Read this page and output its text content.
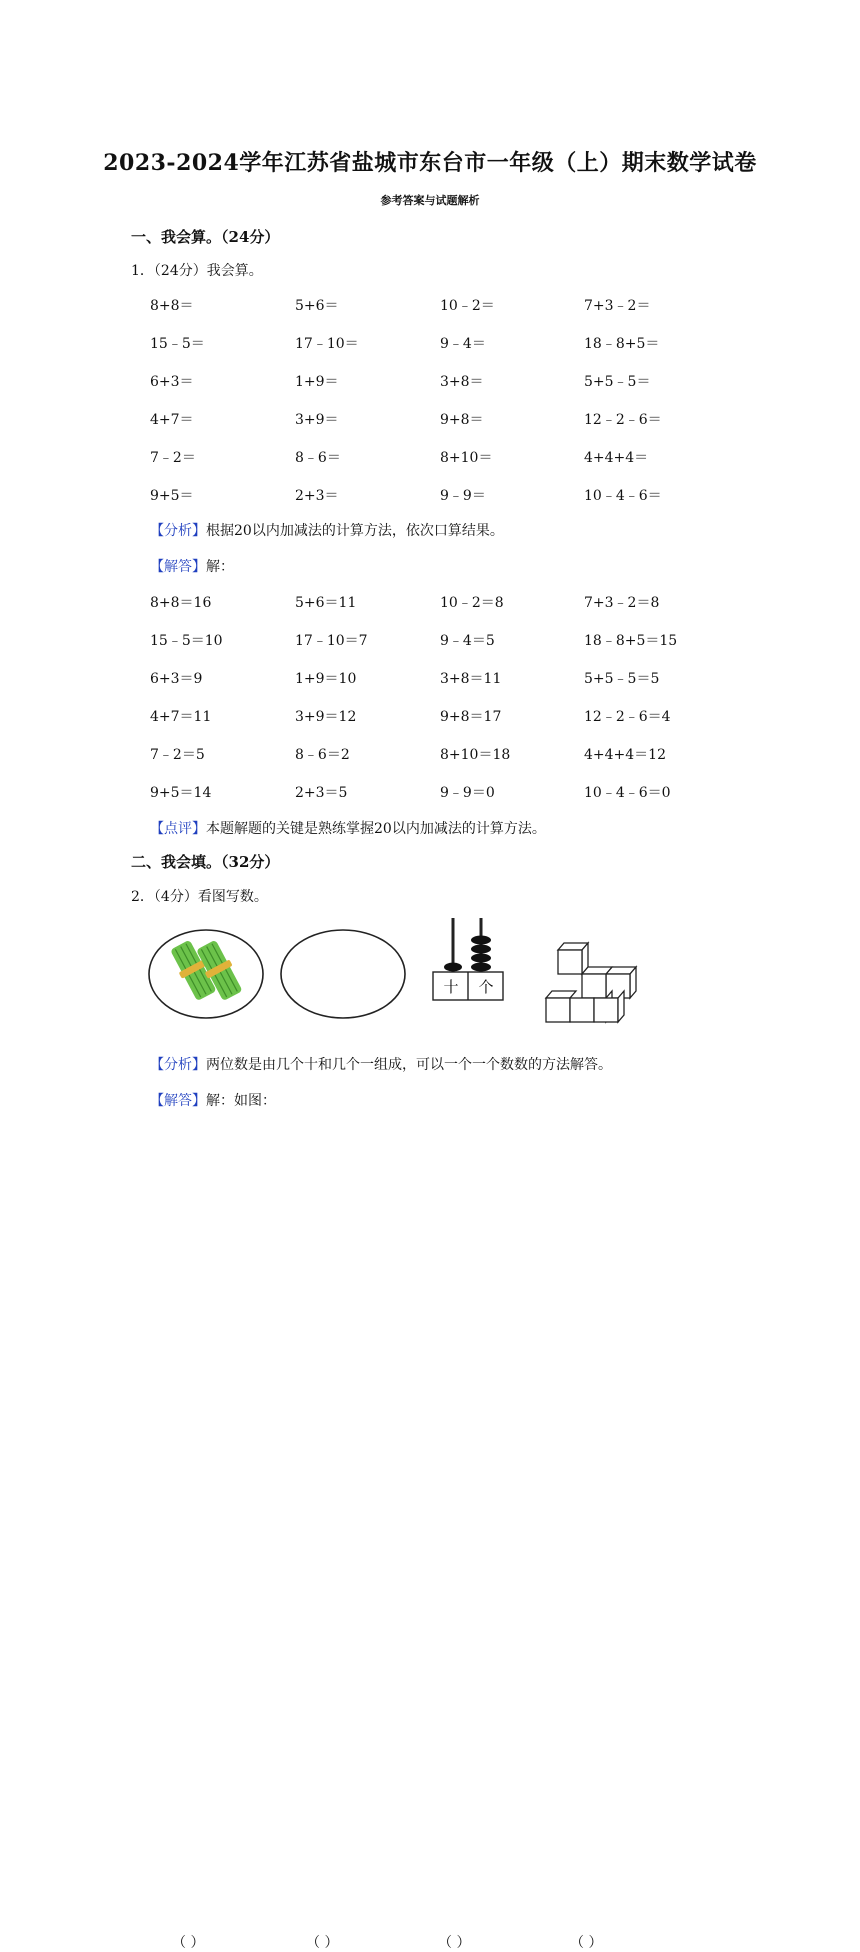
2023-2024学年江苏省盐城市东台市一年级（上）期末数学试卷
参考答案与试题解析
一、我会算。（24分）
1．（24分）我会算。
8+8＝	5+6＝	10﹣2＝	7+3﹣2＝
15﹣5＝	17﹣10＝	9﹣4＝	18﹣8+5＝
6+3＝	1+9＝	3+8＝	5+5﹣5＝
4+7＝	3+9＝	9+8＝	12﹣2﹣6＝
7﹣2＝	8﹣6＝	8+10＝	4+4+4＝
9+5＝	2+3＝	9﹣9＝	10﹣4﹣6＝
【分析】根据20以内加减法的计算方法，依次口算结果。
【解答】解：
8+8＝16	5+6＝11	10﹣2＝8	7+3﹣2＝8
15﹣5＝10	17﹣10＝7	9﹣4＝5	18﹣8+5＝15
6+3＝9	1+9＝10	3+8＝11	5+5﹣5＝5
4+7＝11	3+9＝12	9+8＝17	12﹣2﹣6＝4
7﹣2＝5	8﹣6＝2	8+10＝18	4+4+4＝12
9+5＝14	2+3＝5	9﹣9＝0	10﹣4﹣6＝0
【点评】本题解题的关键是熟练掌握20以内加减法的计算方法。
二、我会填。（32分）
2．（4分）看图写数。
十 个
（ ）	（ ）	（ ）	（ ）
【分析】两位数是由几个十和几个一组成，可以一个一个数数的方法解答。
【解答】解：如图：
